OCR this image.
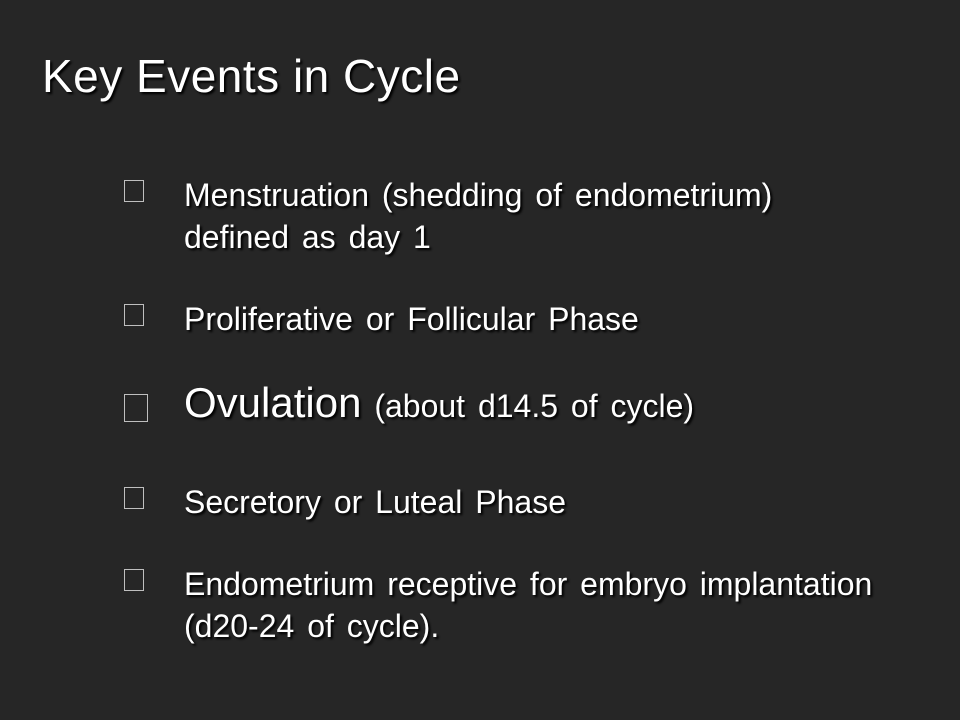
Key Events in Cycle
Menstruation (shedding of endometrium) defined as day 1
Proliferative or Follicular Phase
Ovulation (about d14.5 of cycle)
Secretory or Luteal Phase
Endometrium receptive for embryo implantation (d20-24 of cycle).
